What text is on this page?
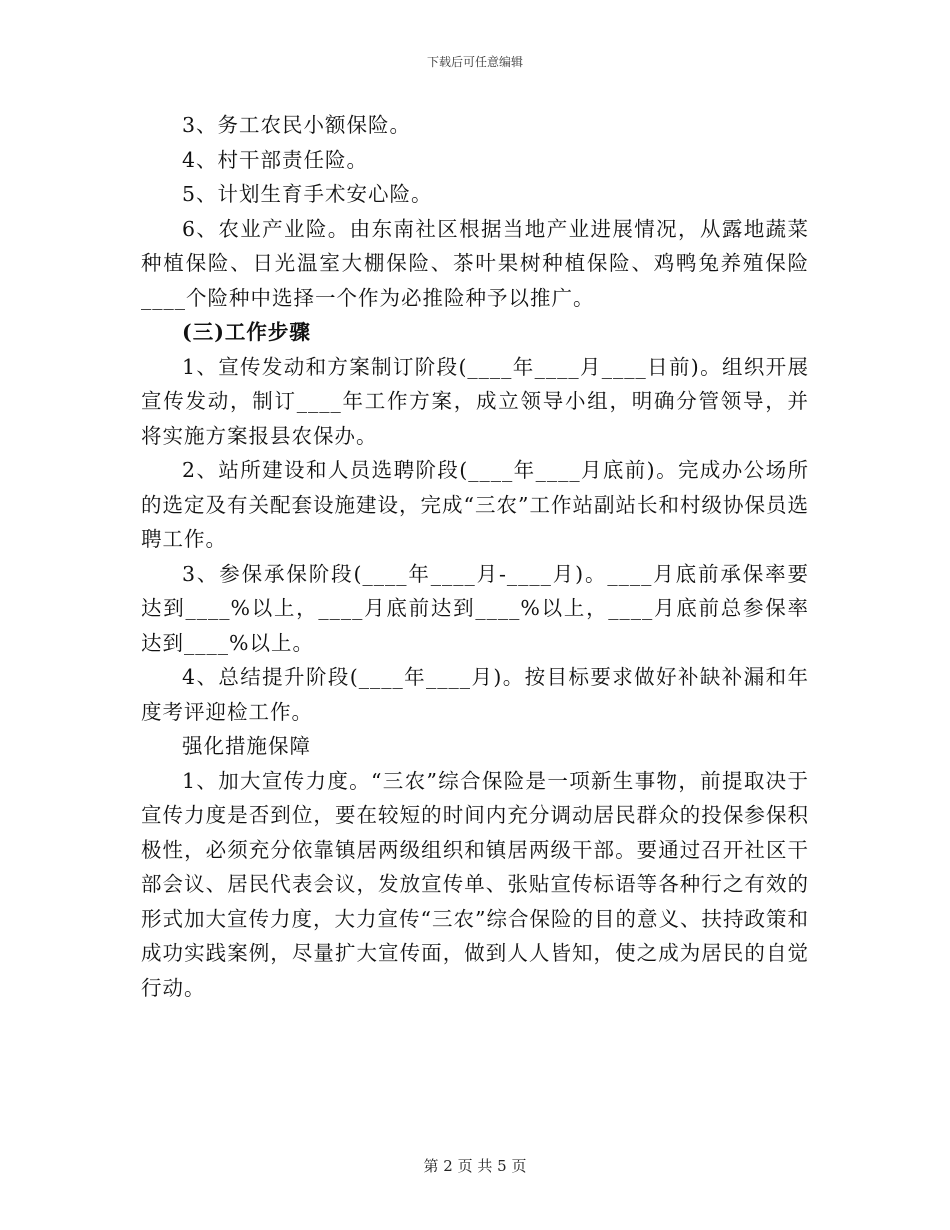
下载后可任意编辑

3、务工农民小额保险。

4、村干部责任险。

5、计划生育手术安心险。

6、农业产业险。由东南社区根据当地产业进展情况，从露地蔬菜种植保险、日光温室大棚保险、茶叶果树种植保险、鸡鸭兔养殖保险____个险种中选择一个作为必推险种予以推广。

(三)工作步骤

1、宣传发动和方案制订阶段(____年____月____日前)。组织开展宣传发动，制订____年工作方案，成立领导小组，明确分管领导，并将实施方案报县农保办。

2、站所建设和人员选聘阶段(____年____月底前)。完成办公场所的选定及有关配套设施建设，完成“三农”工作站副站长和村级协保员选聘工作。

3、参保承保阶段(____年____月-____月)。____月底前承保率要达到____%以上，____月底前达到____%以上，____月底前总参保率达到____%以上。

4、总结提升阶段(____年____月)。按目标要求做好补缺补漏和年度考评迎检工作。

强化措施保障

1、加大宣传力度。“三农”综合保险是一项新生事物，前提取决于宣传力度是否到位，要在较短的时间内充分调动居民群众的投保参保积极性，必须充分依靠镇居两级组织和镇居两级干部。要通过召开社区干部会议、居民代表会议，发放宣传单、张贴宣传标语等各种行之有效的形式加大宣传力度，大力宣传“三农”综合保险的目的意义、扶持政策和成功实践案例，尽量扩大宣传面，做到人人皆知，使之成为居民的自觉行动。

第 2 页 共 5 页
